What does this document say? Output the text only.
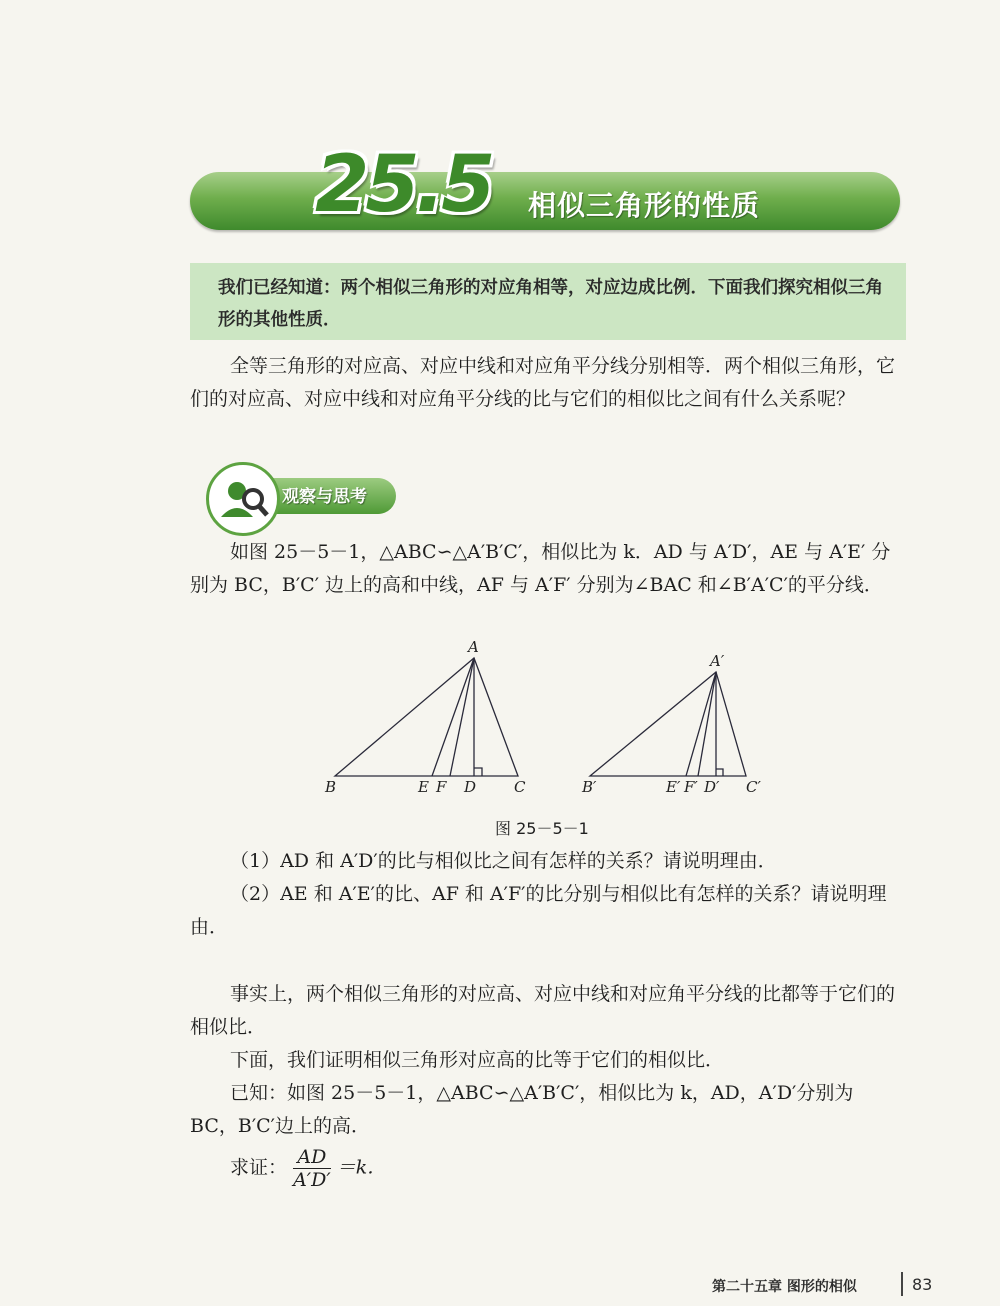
25.5 相似三角形的性质

我们已经知道：两个相似三角形的对应角相等，对应边成比例．下面我们探究相似三角形的其他性质．

全等三角形的对应高、对应中线和对应角平分线分别相等．两个相似三角形，它们的对应高、对应中线和对应角平分线的比与它们的相似比之间有什么关系呢？

观察与思考

如图 25－5－1，△ABC∽△A′B′C′，相似比为 k．AD 与 A′D′，AE 与 A′E′ 分别为 BC，B′C′ 边上的高和中线，AF 与 A′F′ 分别为∠BAC 和∠B′A′C′的平分线．

A
B	E F D	C
A′
B′	E′ F′ D′ C′
图 25－5－1

（1）AD 和 A′D′的比与相似比之间有怎样的关系？请说明理由．

（2）AE 和 A′E′的比、AF 和 A′F′的比分别与相似比有怎样的关系？请说明理由．

事实上，两个相似三角形的对应高、对应中线和对应角平分线的比都等于它们的相似比．

下面，我们证明相似三角形对应高的比等于它们的相似比．

已知：如图 25－5－1，△ABC∽△A′B′C′，相似比为 k，AD，A′D′分别为 BC，B′C′边上的高．

求证： $\frac{AD}{A'D'} =k$．
第二十五章 图形的相似	83
